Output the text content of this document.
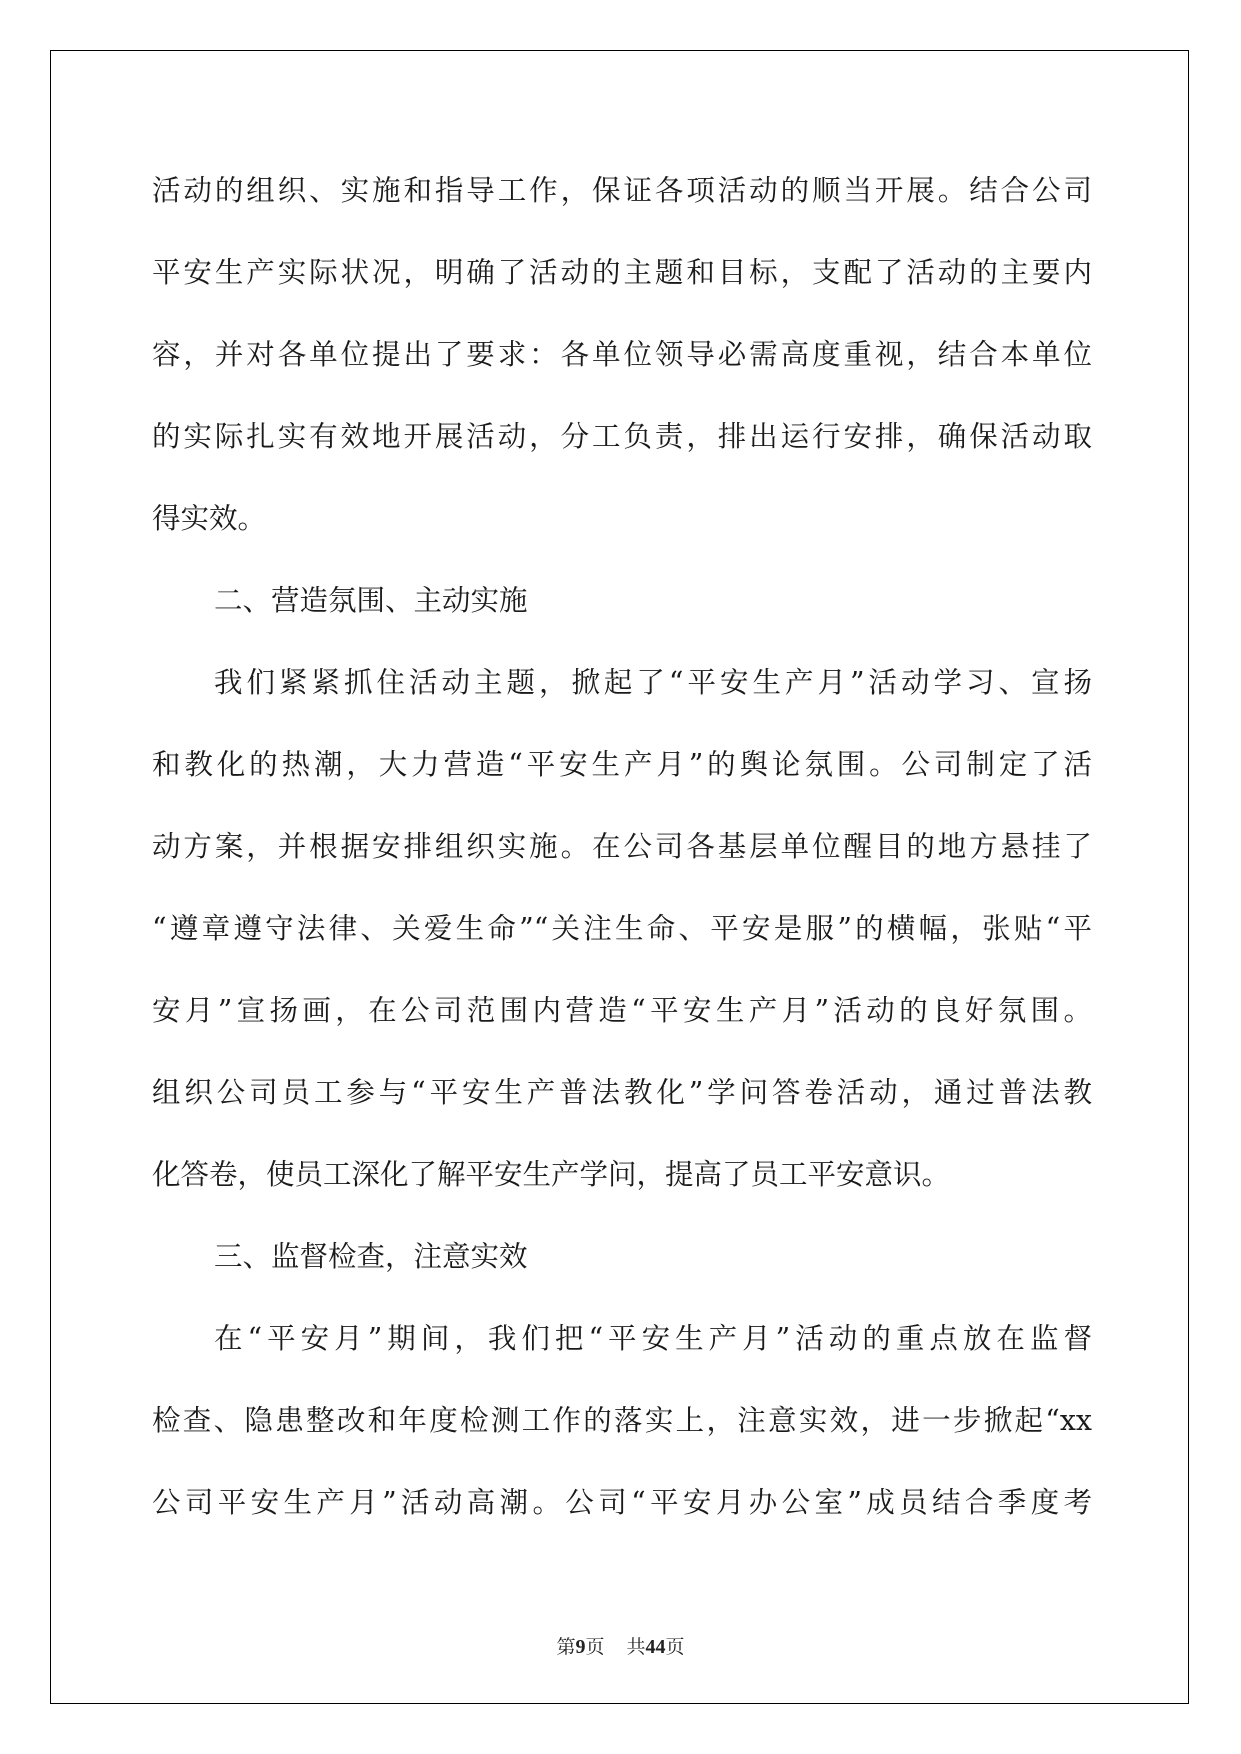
活动的组织、实施和指导工作，保证各项活动的顺当开展。结合公司
平安生产实际状况，明确了活动的主题和目标，支配了活动的主要内
容，并对各单位提出了要求：各单位领导必需高度重视，结合本单位
的实际扎实有效地开展活动，分工负责，排出运行安排，确保活动取
得实效。
二、营造氛围、主动实施
我们紧紧抓住活动主题，掀起了“平安生产月”活动学习、宣扬
和教化的热潮，大力营造“平安生产月”的舆论氛围。公司制定了活
动方案，并根据安排组织实施。在公司各基层单位醒目的地方悬挂了
“遵章遵守法律、关爱生命”“关注生命、平安是服”的横幅，张贴“平
安月”宣扬画，在公司范围内营造“平安生产月”活动的良好氛围。
组织公司员工参与“平安生产普法教化”学问答卷活动，通过普法教
化答卷，使员工深化了解平安生产学问，提高了员工平安意识。
三、监督检查，注意实效
在“平安月”期间，我们把“平安生产月”活动的重点放在监督
检查、隐患整改和年度检测工作的落实上，注意实效，进一步掀起“xx
公司平安生产月”活动高潮。公司“平安月办公室”成员结合季度考
第9页 共44页
